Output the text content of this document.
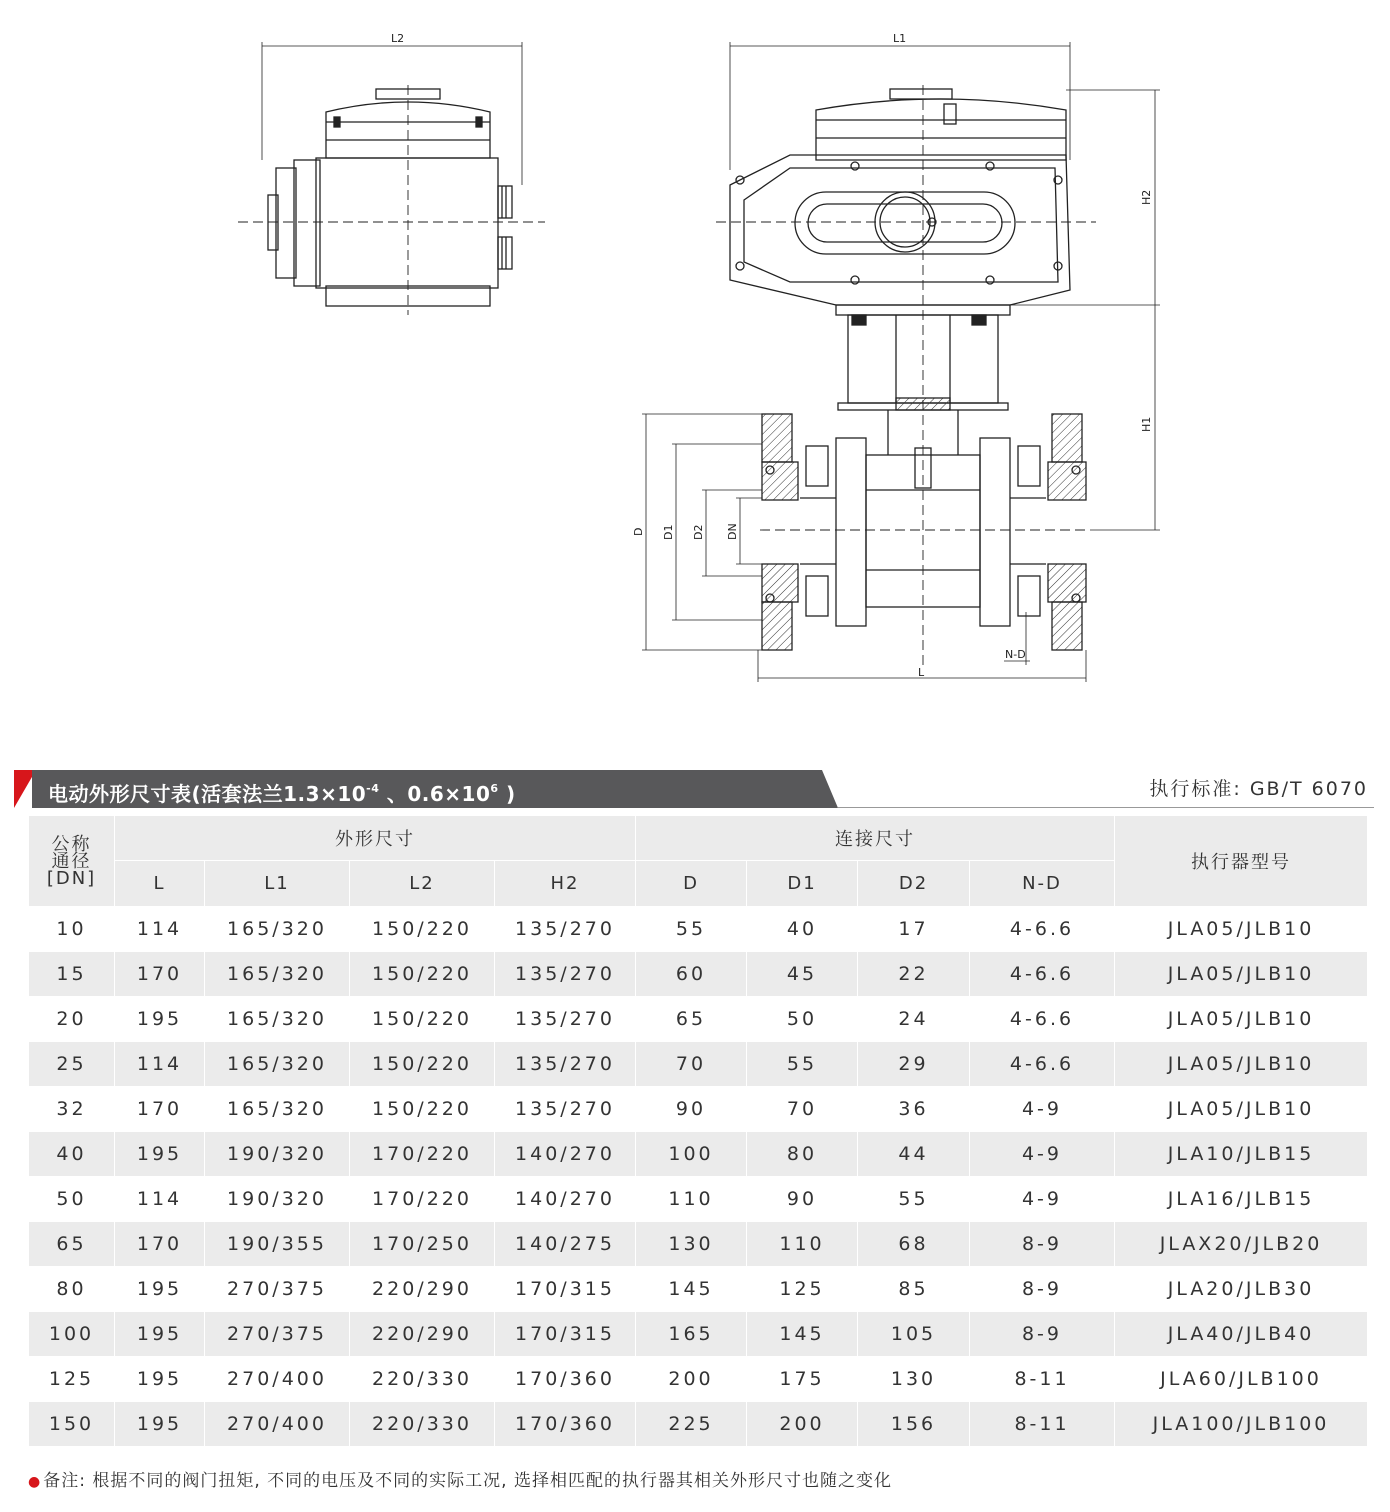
L2	L1
H2
H1
D D1 D2 DN
N-D
L
电动外形尺寸表(活套法兰$1.3\times 10^{-4}$ 、$0.6\times 10^6$ )	执行标准: GB/T 6070
公称
通径
[DN]	外形尺寸				连接尺寸				执行器型号
	L	L1	L2	H2	D	D1	D2	N-D	
10	114	165/320	150/220	135/270	55	40	17	4-6.6	JLA05/JLB10
15	170	165/320	150/220	135/270	60	45	22	4-6.6	JLA05/JLB10
20	195	165/320	150/220	135/270	65	50	24	4-6.6	JLA05/JLB10
25	114	165/320	150/220	135/270	70	55	29	4-6.6	JLA05/JLB10
32	170	165/320	150/220	135/270	90	70	36	4-9	JLA05/JLB10
40	195	190/320	170/220	140/270	100	80	44	4-9	JLA10/JLB15
50	114	190/320	170/220	140/270	110	90	55	4-9	JLA16/JLB15
65	170	190/355	170/250	140/275	130	110	68	8-9	JLAX20/JLB20
80	195	270/375	220/290	170/315	145	125	85	8-9	JLA20/JLB30
100	195	270/375	220/290	170/315	165	145	105	8-9	JLA40/JLB40
125	195	270/400	220/330	170/360	200	175	130	8-11	JLA60/JLB100
150	195	270/400	220/330	170/360	225	200	156	8-11	JLA100/JLB100
● 备注: 根据不同的阀门扭矩, 不同的电压及不同的实际工况, 选择相匹配的执行器其相关外形尺寸也随之变化
